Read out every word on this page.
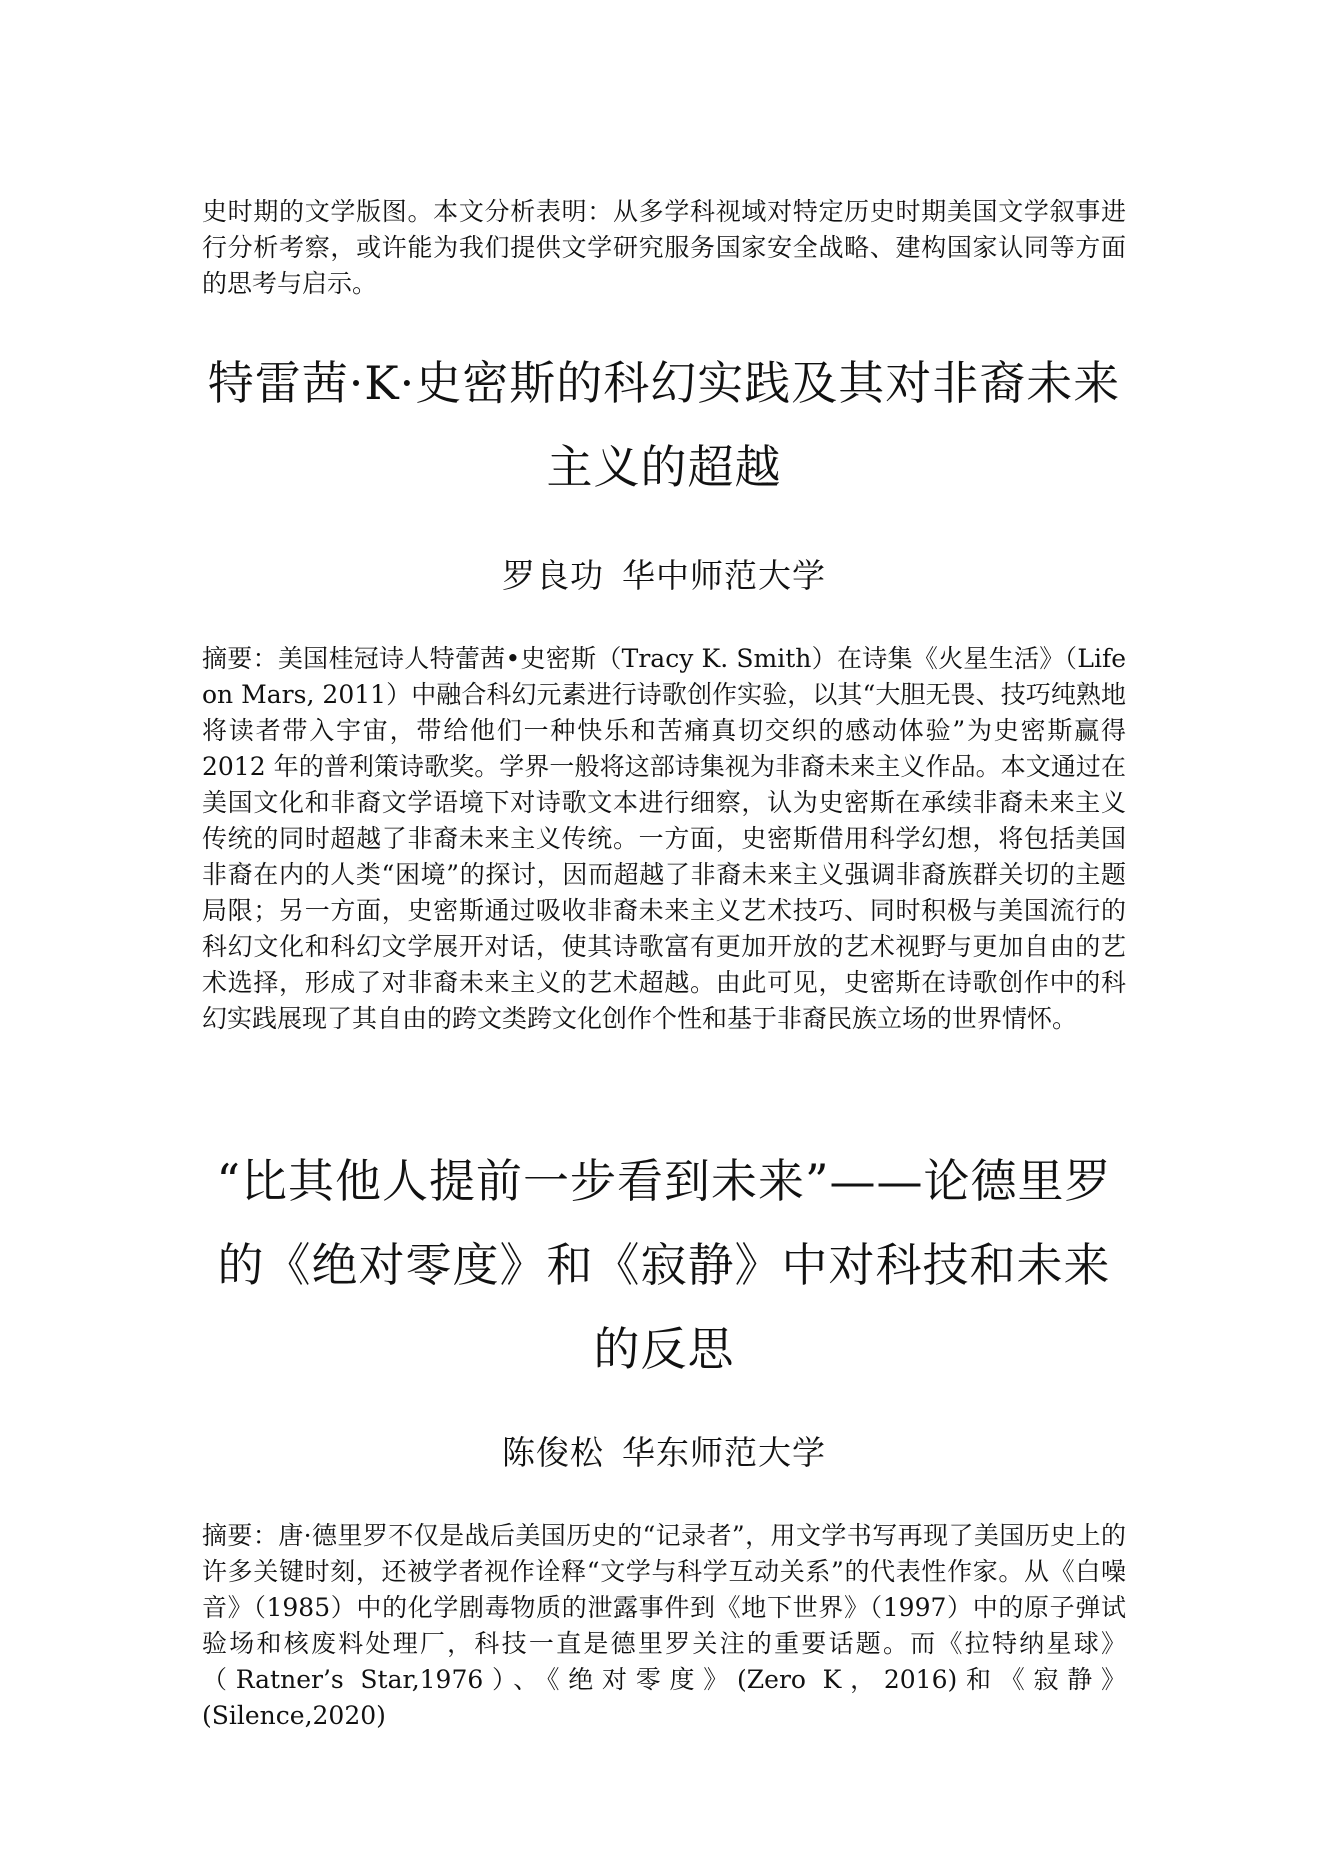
史时期的文学版图。本文分析表明：从多学科视域对特定历史时期美国文学叙事进行分析考察，或许能为我们提供文学研究服务国家安全战略、建构国家认同等方面的思考与启示。

特雷茜·K·史密斯的科幻实践及其对非裔未来主义的超越

罗良功 华中师范大学

摘要：美国桂冠诗人特蕾茜•史密斯（Tracy K. Smith）在诗集《火星生活》（Life on Mars, 2011）中融合科幻元素进行诗歌创作实验，以其“大胆无畏、技巧纯熟地将读者带入宇宙，带给他们一种快乐和苦痛真切交织的感动体验”为史密斯赢得 2012 年的普利策诗歌奖。学界一般将这部诗集视为非裔未来主义作品。本文通过在美国文化和非裔文学语境下对诗歌文本进行细察，认为史密斯在承续非裔未来主义传统的同时超越了非裔未来主义传统。一方面，史密斯借用科学幻想，将包括美国非裔在内的人类“困境”的探讨，因而超越了非裔未来主义强调非裔族群关切的主题局限；另一方面，史密斯通过吸收非裔未来主义艺术技巧、同时积极与美国流行的科幻文化和科幻文学展开对话，使其诗歌富有更加开放的艺术视野与更加自由的艺术选择，形成了对非裔未来主义的艺术超越。由此可见，史密斯在诗歌创作中的科幻实践展现了其自由的跨文类跨文化创作个性和基于非裔民族立场的世界情怀。

“比其他人提前一步看到未来”——论德里罗的《绝对零度》和《寂静》中对科技和未来的反思

陈俊松 华东师范大学

摘要：唐·德里罗不仅是战后美国历史的“记录者”，用文学书写再现了美国历史上的许多关键时刻，还被学者视作诠释“文学与科学互动关系”的代表性作家。从《白噪音》（1985）中的化学剧毒物质的泄露事件到《地下世界》（1997）中的原子弹试验场和核废料处理厂，科技一直是德里罗关注的重要话题。而《拉特纳星球》（Ratner’s Star,1976）、《绝对零度》(Zero K，2016)和《寂静》(Silence,2020)
